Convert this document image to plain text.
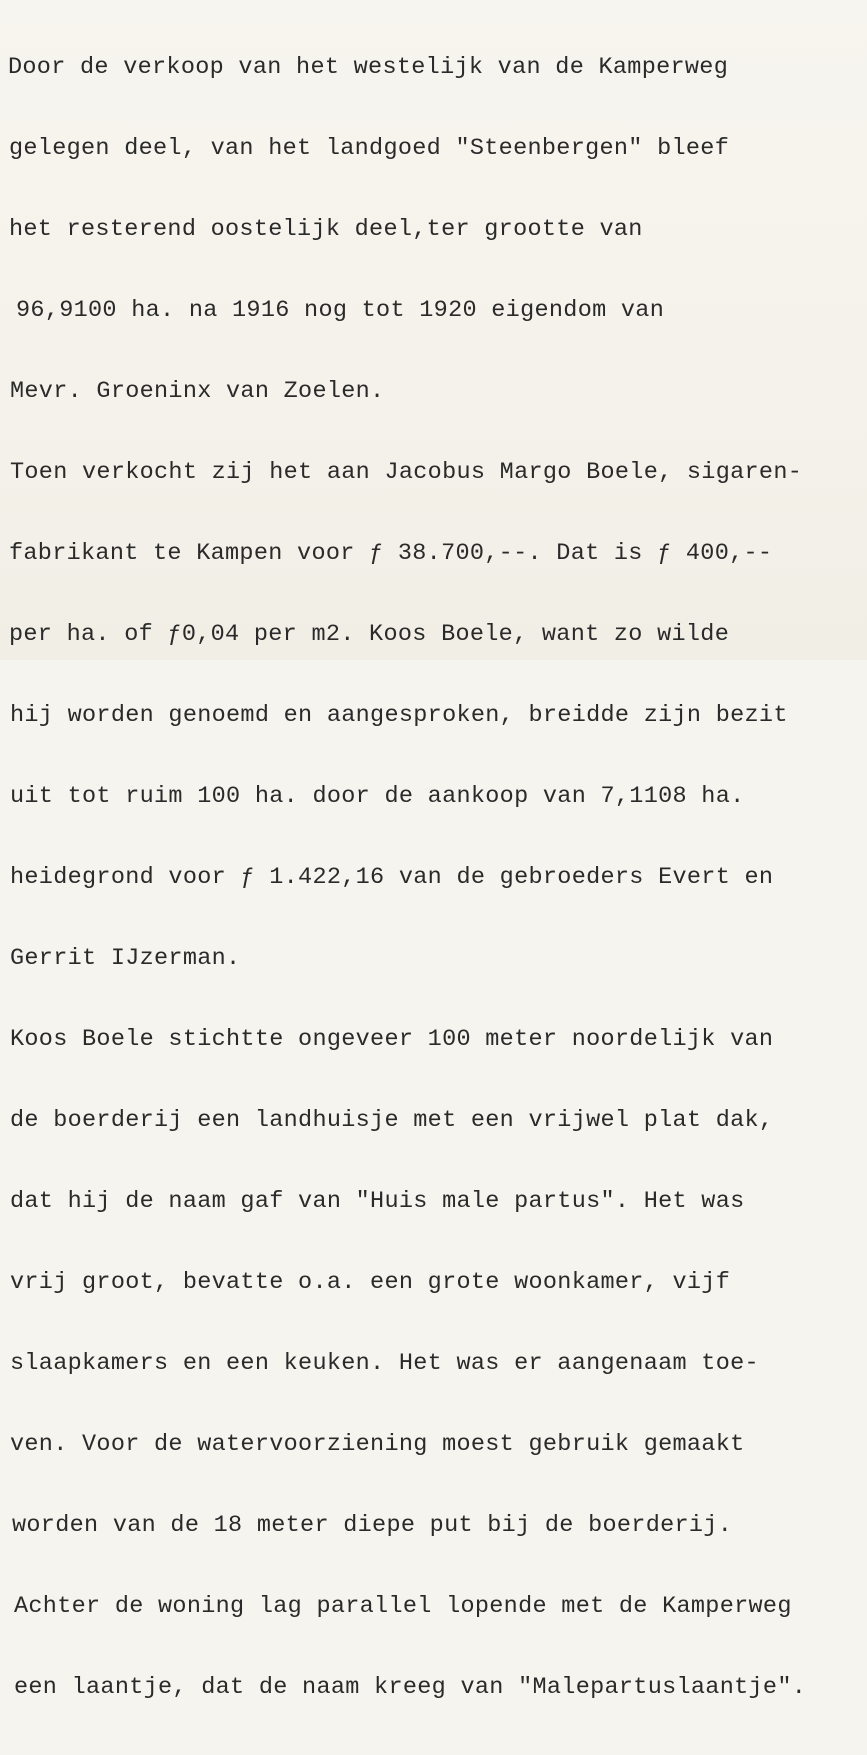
Door de verkoop van het westelijk van de Kamperweg

gelegen deel, van het landgoed "Steenbergen" bleef

het resterend oostelijk deel,ter grootte van

96,9100 ha. na 1916 nog tot 1920 eigendom van

Mevr. Groeninx van Zoelen.

Toen verkocht zij het aan Jacobus Margo Boele, sigaren-

fabrikant te Kampen voor ƒ 38.700,--. Dat is ƒ 400,--

per ha. of ƒ0,04 per m2. Koos Boele, want zo wilde

hij worden genoemd en aangesproken, breidde zijn bezit

uit tot ruim 100 ha. door de aankoop van 7,1108 ha.

heidegrond voor ƒ 1.422,16 van de gebroeders Evert en

Gerrit IJzerman.

Koos Boele stichtte ongeveer 100 meter noordelijk van

de boerderij een landhuisje met een vrijwel plat dak,

dat hij de naam gaf van "Huis male partus". Het was

vrij groot, bevatte o.a. een grote woonkamer, vijf

slaapkamers en een keuken. Het was er aangenaam toe-

ven. Voor de watervoorziening moest gebruik gemaakt

worden van de 18 meter diepe put bij de boerderij.

Achter de woning lag parallel lopende met de Kamperweg

een laantje, dat de naam kreeg van "Malepartuslaantje".
